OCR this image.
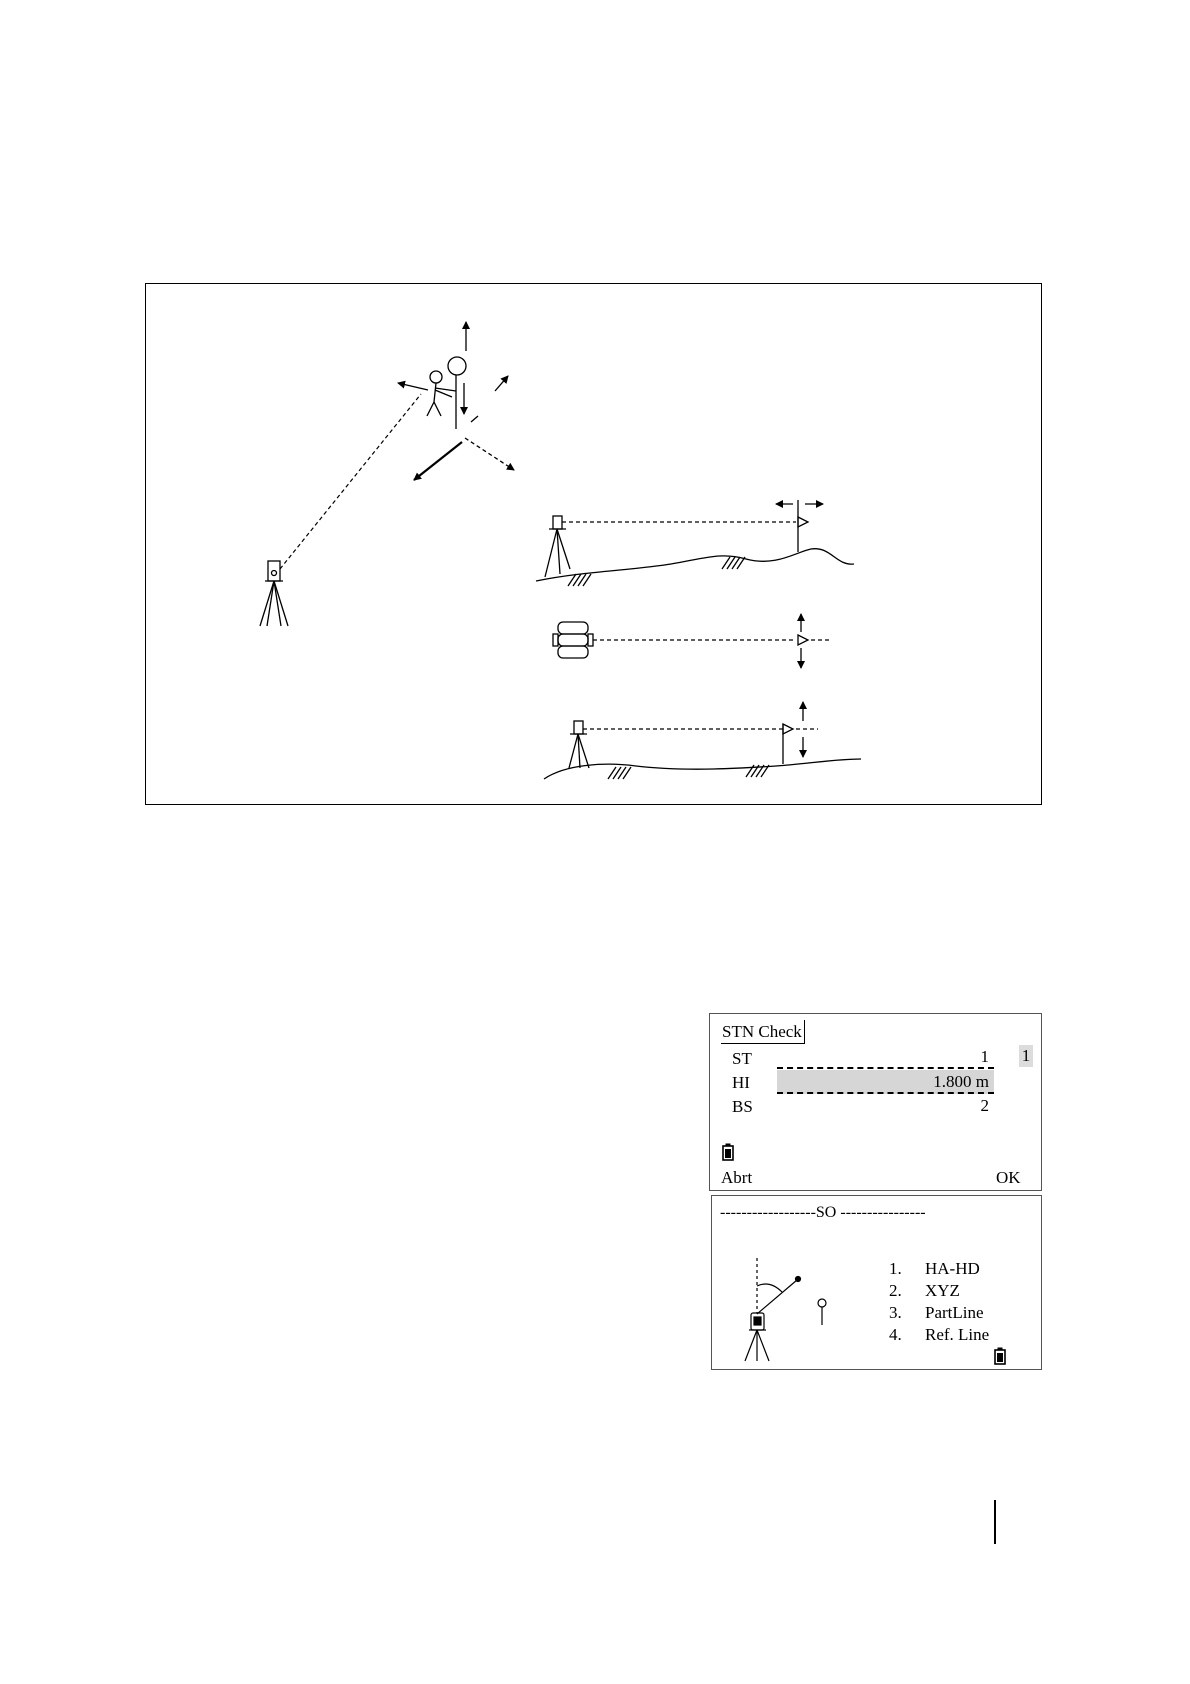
STN Check
ST	1 1
HI	1.800 m
BS	2
Abrt	OK
------------------SO ----------------
1.	HA-HD
2.	XYZ
3.	PartLine
4.	Ref. Line
